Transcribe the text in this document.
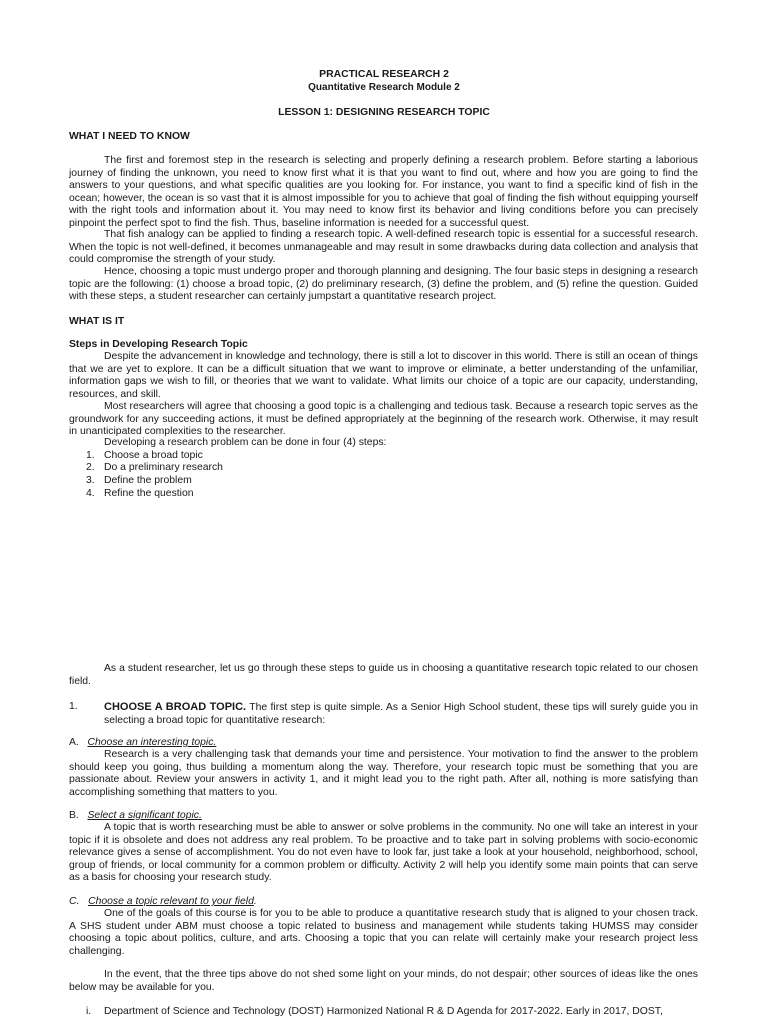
PRACTICAL RESEARCH 2
Quantitative Research Module 2
LESSON 1: DESIGNING RESEARCH TOPIC
WHAT I NEED TO KNOW

The first and foremost step in the research is selecting and properly defining a research problem. Before starting a laborious journey of finding the unknown, you need to know first what it is that you want to find out, where and how you are going to find the answers to your questions, and what specific qualities are you looking for. For instance, you want to find a specific kind of fish in the ocean; however, the ocean is so vast that it is almost impossible for you to achieve that goal of finding the fish without equipping yourself with the right tools and information about it. You may need to know first its behavior and living conditions before you can precisely pinpoint the perfect spot to find the fish. Thus, baseline information is needed for a successful quest.

That fish analogy can be applied to finding a research topic. A well-defined research topic is essential for a successful research. When the topic is not well-defined, it becomes unmanageable and may result in some drawbacks during data collection and analysis that could compromise the strength of your study.

Hence, choosing a topic must undergo proper and thorough planning and designing. The four basic steps in designing a research topic are the following: (1) choose a broad topic, (2) do preliminary research, (3) define the problem, and (5) refine the question. Guided with these steps, a student researcher can certainly jumpstart a quantitative research project.

WHAT IS IT
Steps in Developing Research Topic

Despite the advancement in knowledge and technology, there is still a lot to discover in this world. There is still an ocean of things that we are yet to explore. It can be a difficult situation that we want to improve or eliminate, a better understanding of the unfamiliar, information gaps we wish to fill, or theories that we want to validate. What limits our choice of a topic are our capacity, understanding, resources, and skill.

Most researchers will agree that choosing a good topic is a challenging and tedious task. Because a research topic serves as the groundwork for any succeeding actions, it must be defined appropriately at the beginning of the research work. Otherwise, it may result in unanticipated complexities to the researcher.

Developing a research problem can be done in four (4) steps:
1. Choose a broad topic
2. Do a preliminary research
3. Define the problem
4. Refine the question

As a student researcher, let us go through these steps to guide us in choosing a quantitative research topic related to our chosen field.

1. CHOOSE A BROAD TOPIC. The first step is quite simple. As a Senior High School student, these tips will surely guide you in selecting a broad topic for quantitative research:

A. Choose an interesting topic.

Research is a very challenging task that demands your time and persistence. Your motivation to find the answer to the problem should keep you going, thus building a momentum along the way. Therefore, your research topic must be something that you are passionate about. Review your answers in activity 1, and it might lead you to the right path. After all, nothing is more satisfying than accomplishing something that matters to you.

B. Select a significant topic.

A topic that is worth researching must be able to answer or solve problems in the community. No one will take an interest in your topic if it is obsolete and does not address any real problem. To be proactive and to take part in solving problems with socio-economic relevance gives a sense of accomplishment. You do not even have to look far, just take a look at your household, neighborhood, school, group of friends, or local community for a common problem or difficulty. Activity 2 will help you identify some main points that can serve as a basis for choosing your research study.

C. Choose a topic relevant to your field.

One of the goals of this course is for you to be able to produce a quantitative research study that is aligned to your chosen track. A SHS student under ABM must choose a topic related to business and management while students taking HUMSS may consider choosing a topic about politics, culture, and arts. Choosing a topic that you can relate will certainly make your research project less challenging.

In the event, that the three tips above do not shed some light on your minds, do not despair; other sources of ideas like the ones below may be available for you.

i. Department of Science and Technology (DOST) Harmonized National R & D Agenda for 2017-2022. Early in 2017, DOST,
